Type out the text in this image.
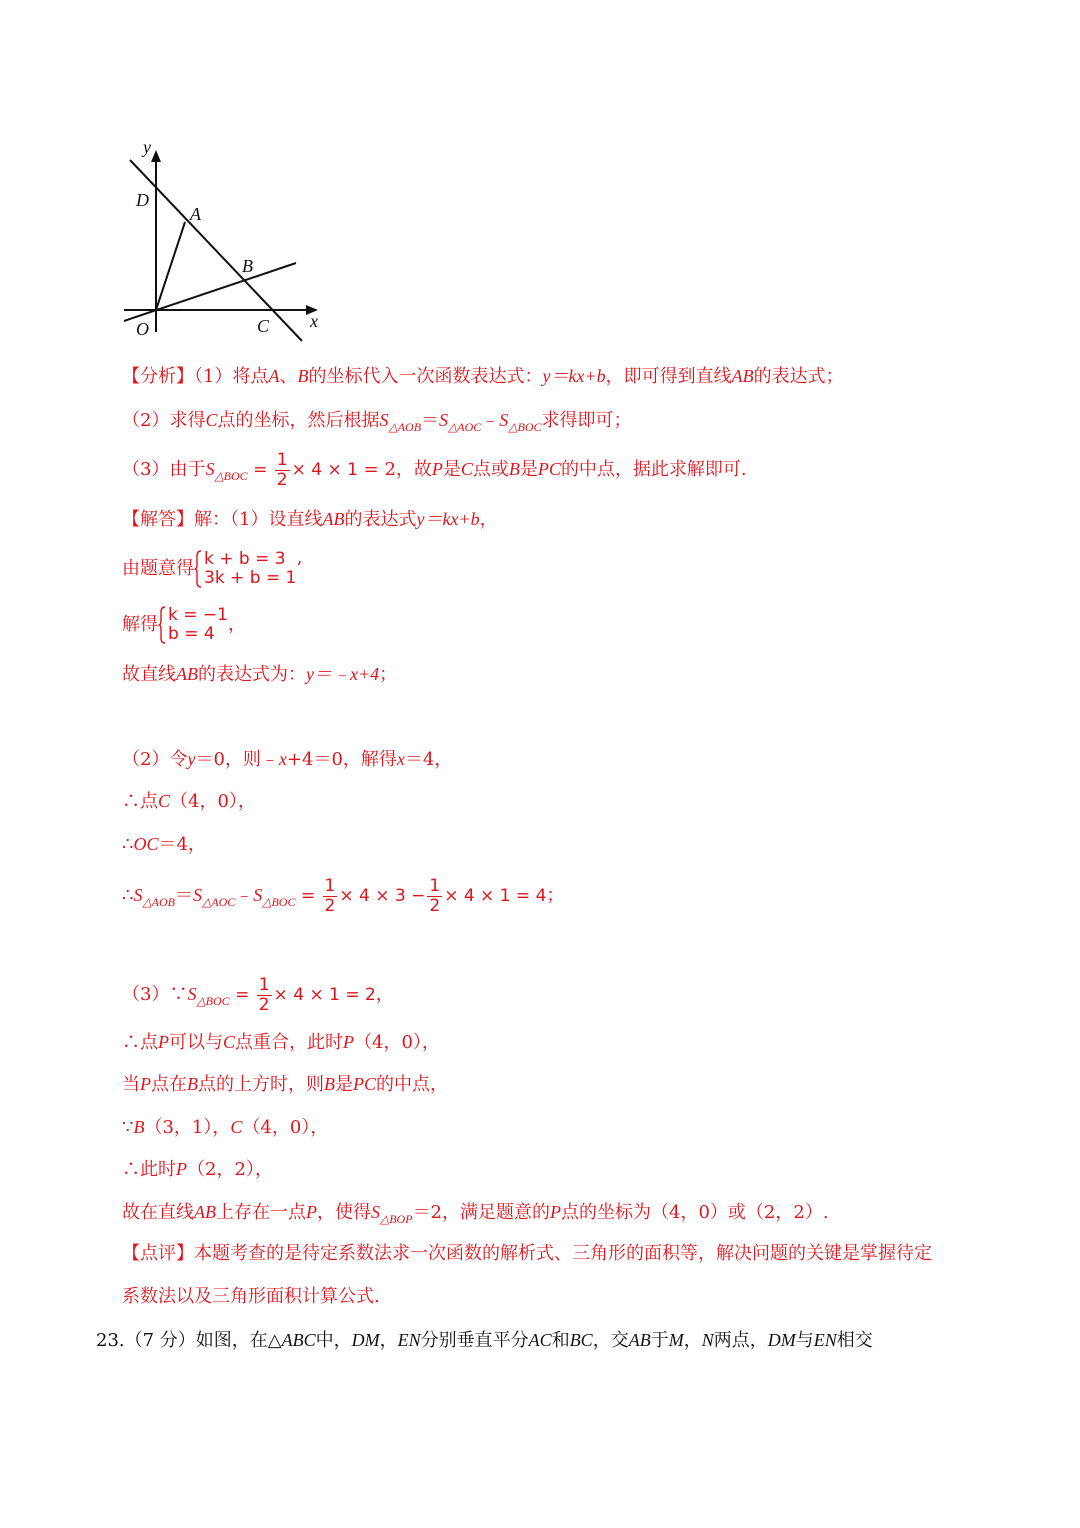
y
x
D
A
B
O	C
【分析】（1）将点A、B的坐标代入一次函数表达式：y＝kx+b，即可得到直线AB的表达式；
（2）求得C点的坐标，然后根据$S_{\triangle AOB}=S_{\triangle AOC}﹣S_{\triangle BOC}$求得即可；
（3）由于$S_{\triangle BOC} = \frac{1}{2} \times 4 \times 1 = 2$，故P是C点或B是PC的中点，据此求解即可.
【解答】解：（1）设直线AB的表达式y＝kx+b，
由题意得 k + b = 3
3k + b = 1 ’
解得 k = −1
b = 4 ，
故直线AB的表达式为：y＝﹣x+4；
（2）令y＝0，则﹣x+4＝0，解得x＝4，
∴点C（4，0），
∴OC＝4，
$\therefore S_{\triangle AOB}=S_{\triangle AOC}﹣S_{\triangle BOC} = \frac{1}{2} \times 4 \times 3 - \frac{1}{2} \times 4 \times 1 = 4$；
$(3)\because S_{\triangle BOC} = \frac{1}{2} \times 4 \times 1 = 2$，
∴点P可以与C点重合，此时P（4，0），
当P点在B点的上方时，则B是PC的中点，
∵B（3，1），C（4，0），
∴此时P（2，2），
故在直线AB上存在一点P，使得$S_{\triangle BOP}=2$，满足题意的P点的坐标为（4，0）或（2，2）.
【点评】本题考查的是待定系数法求一次函数的解析式、三角形的面积等，解决问题的关键是掌握待定
系数法以及三角形面积计算公式.
23.（7 分）如图，在△ABC中，DM，EN分别垂直平分AC和BC，交AB于M，N两点，DM与EN相交
